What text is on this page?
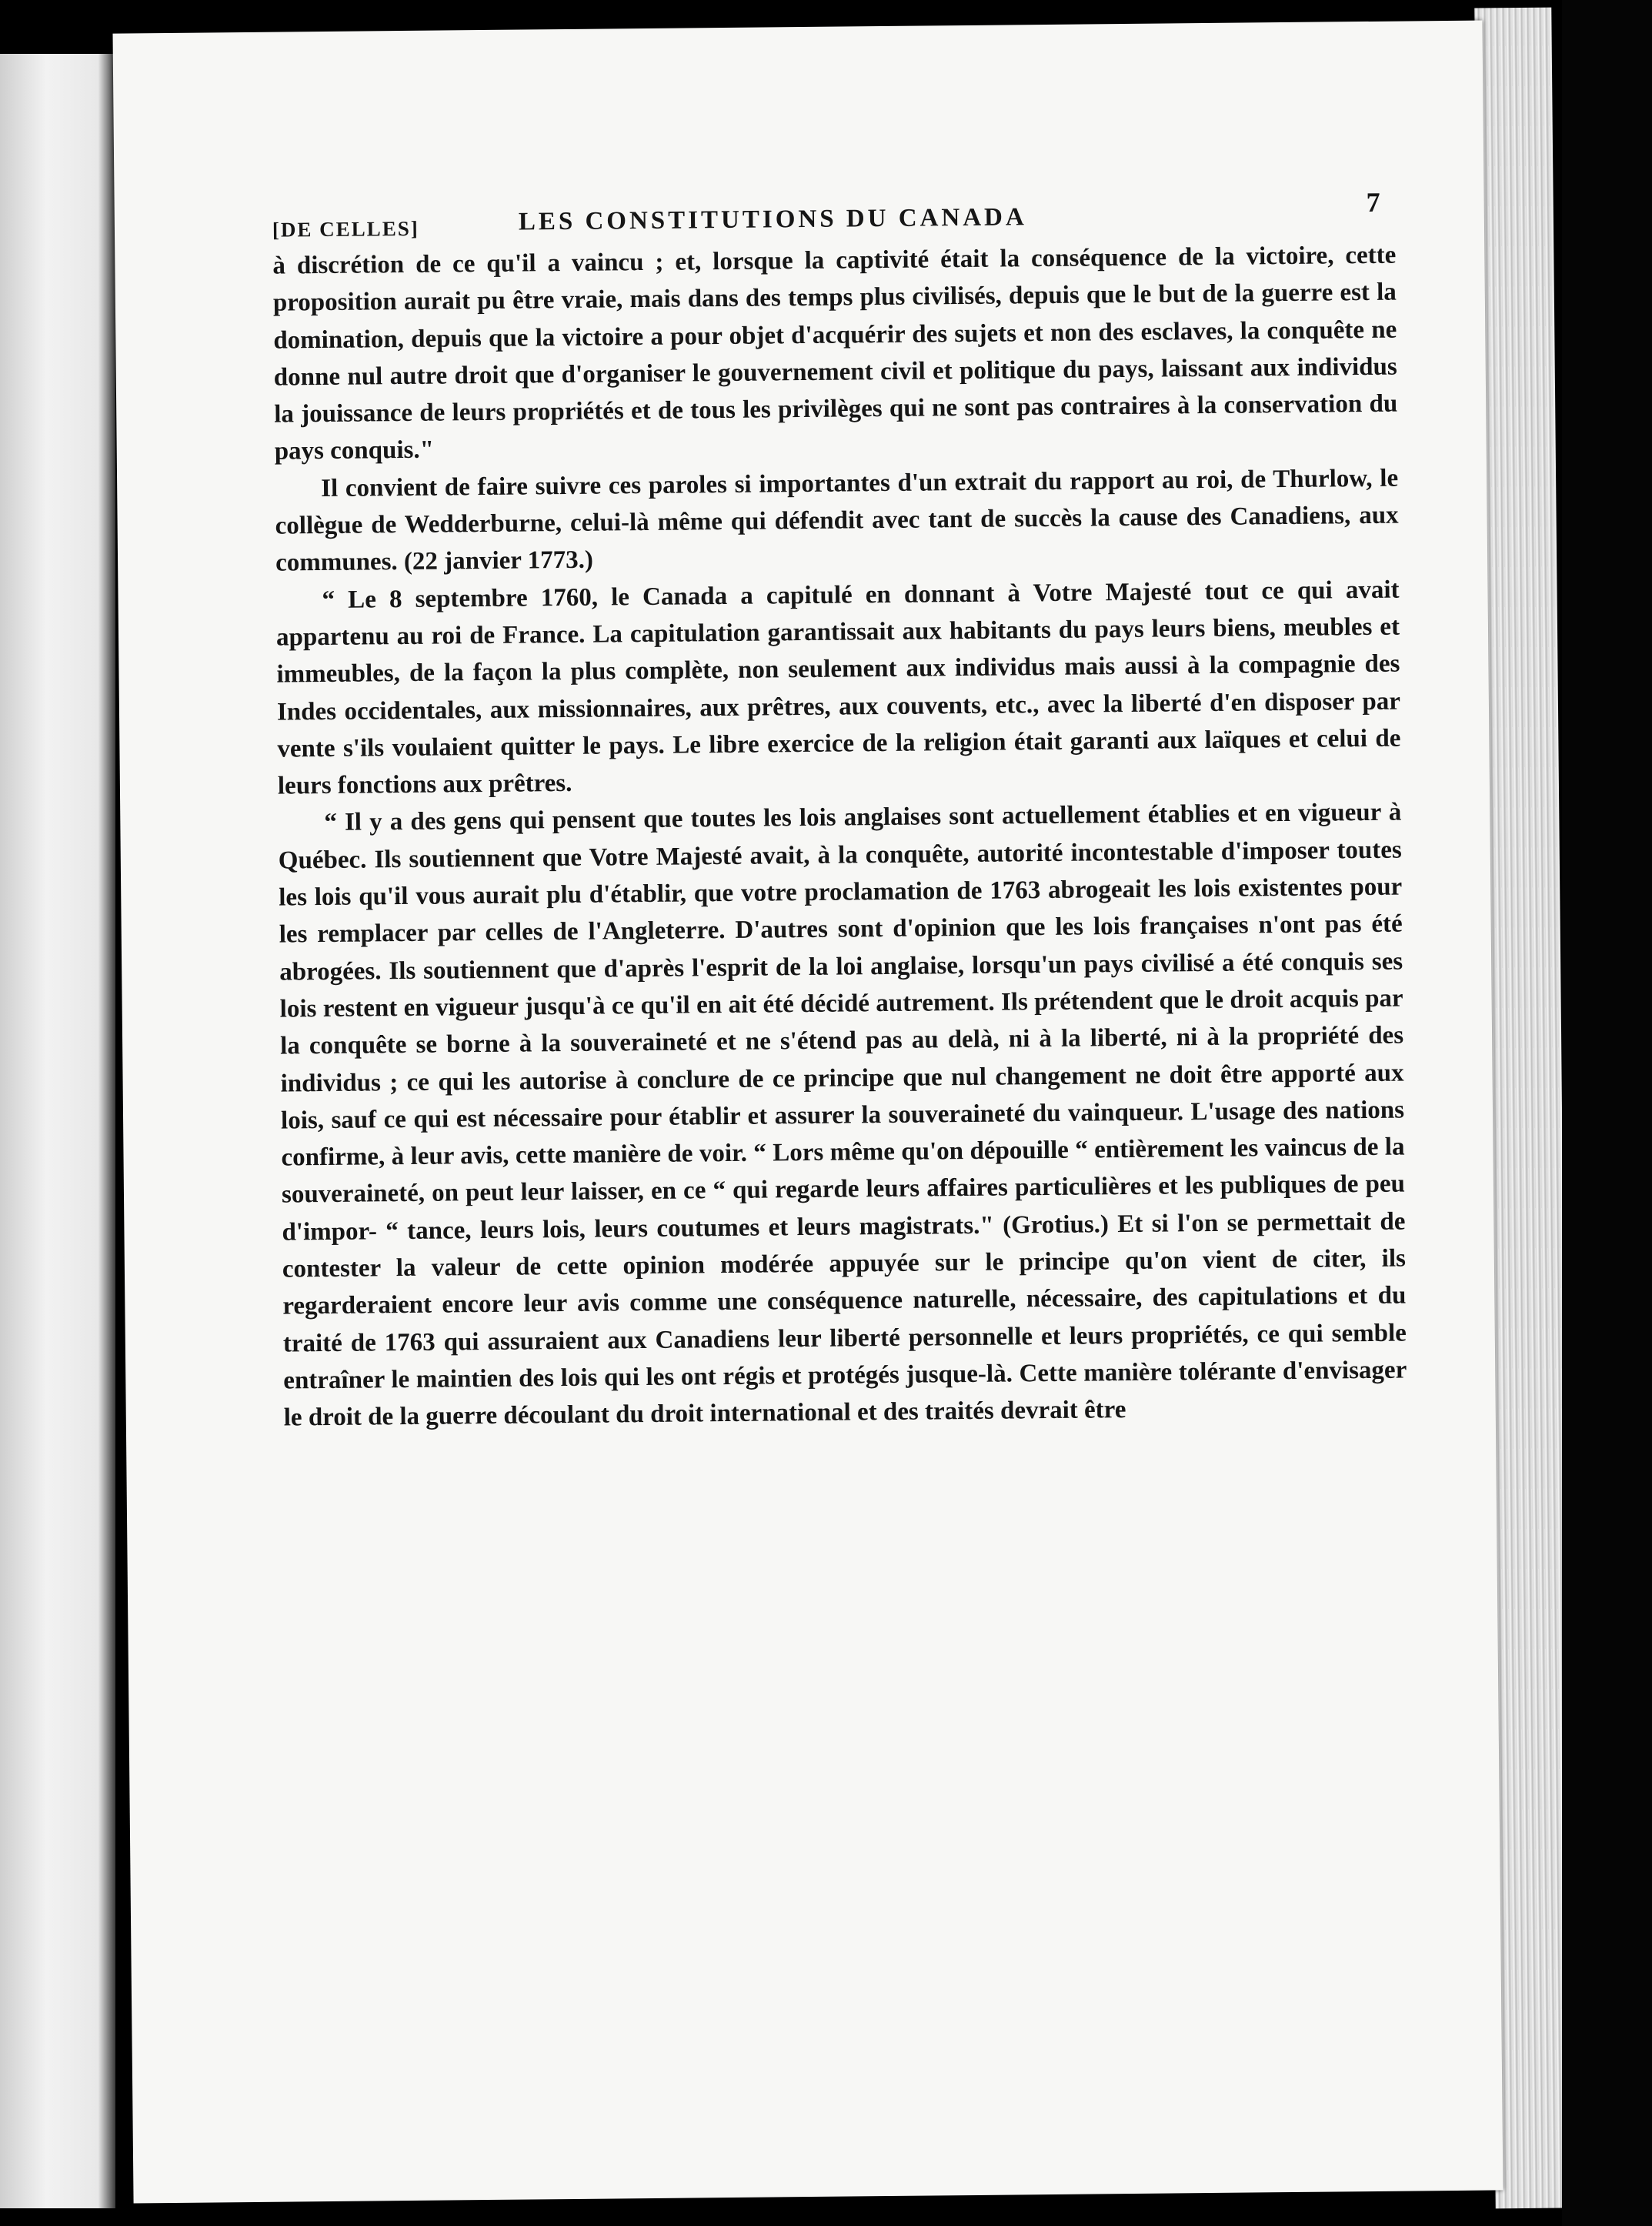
[DE CELLES]	LES CONSTITUTIONS DU CANADA
7

à discrétion de ce qu'il a vaincu ; et, lorsque la captivité était la conséquence de la victoire, cette proposition aurait pu être vraie, mais dans des temps plus civilisés, depuis que le but de la guerre est la domination, depuis que la victoire a pour objet d'acquérir des sujets et non des esclaves, la conquête ne donne nul autre droit que d'organiser le gouvernement civil et politique du pays, laissant aux individus la jouissance de leurs propriétés et de tous les privilèges qui ne sont pas contraires à la conservation du pays conquis."

Il convient de faire suivre ces paroles si importantes d'un extrait du rapport au roi, de Thurlow, le collègue de Wedderburne, celui-là même qui défendit avec tant de succès la cause des Canadiens, aux communes. (22 janvier 1773.)

“ Le 8 septembre 1760, le Canada a capitulé en donnant à Votre Majesté tout ce qui avait appartenu au roi de France. La capitulation garantissait aux habitants du pays leurs biens, meubles et immeubles, de la façon la plus complète, non seulement aux individus mais aussi à la compagnie des Indes occidentales, aux missionnaires, aux prêtres, aux couvents, etc., avec la liberté d'en disposer par vente s'ils voulaient quitter le pays. Le libre exercice de la religion était garanti aux laïques et celui de leurs fonctions aux prêtres.

“ Il y a des gens qui pensent que toutes les lois anglaises sont actuellement établies et en vigueur à Québec. Ils soutiennent que Votre Majesté avait, à la conquête, autorité incontestable d'imposer toutes les lois qu'il vous aurait plu d'établir, que votre proclamation de 1763 abrogeait les lois existentes pour les remplacer par celles de l'Angleterre. D'autres sont d'opinion que les lois françaises n'ont pas été abrogées. Ils soutiennent que d'après l'esprit de la loi anglaise, lorsqu'un pays civilisé a été conquis ses lois restent en vigueur jusqu'à ce qu'il en ait été décidé autrement. Ils prétendent que le droit acquis par la conquête se borne à la souveraineté et ne s'étend pas au delà, ni à la liberté, ni à la propriété des individus ; ce qui les autorise à conclure de ce principe que nul changement ne doit être apporté aux lois, sauf ce qui est nécessaire pour établir et assurer la souveraineté du vainqueur. L'usage des nations confirme, à leur avis, cette manière de voir. “ Lors même qu'on dépouille “ entièrement les vaincus de la souveraineté, on peut leur laisser, en ce “ qui regarde leurs affaires particulières et les publiques de peu d'impor- “ tance, leurs lois, leurs coutumes et leurs magistrats." (Grotius.) Et si l'on se permettait de contester la valeur de cette opinion modérée appuyée sur le principe qu'on vient de citer, ils regarderaient encore leur avis comme une conséquence naturelle, nécessaire, des capitulations et du traité de 1763 qui assuraient aux Canadiens leur liberté personnelle et leurs propriétés, ce qui semble entraîner le maintien des lois qui les ont régis et protégés jusque-là. Cette manière tolérante d'envisager le droit de la guerre découlant du droit international et des traités devrait être
